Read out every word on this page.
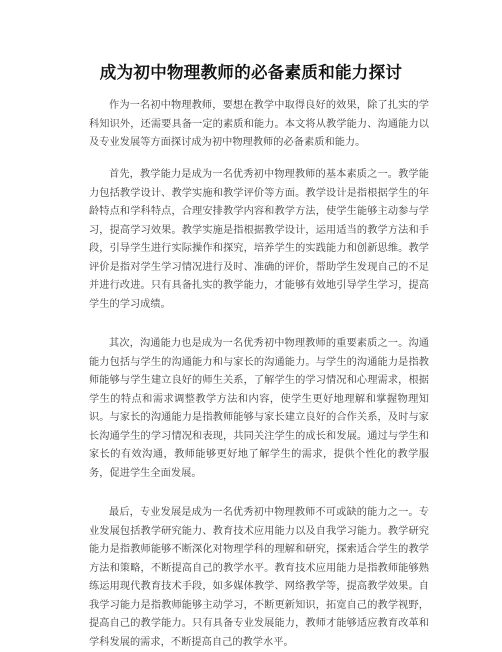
成为初中物理教师的必备素质和能力探讨

作为一名初中物理教师，要想在教学中取得良好的效果，除了扎实的学科知识外，还需要具备一定的素质和能力。本文将从教学能力、沟通能力以及专业发展等方面探讨成为初中物理教师的必备素质和能力。

首先，教学能力是成为一名优秀初中物理教师的基本素质之一。教学能力包括教学设计、教学实施和教学评价等方面。教学设计是指根据学生的年龄特点和学科特点，合理安排教学内容和教学方法，使学生能够主动参与学习，提高学习效果。教学实施是指根据教学设计，运用适当的教学方法和手段，引导学生进行实际操作和探究，培养学生的实践能力和创新思维。教学评价是指对学生学习情况进行及时、准确的评价，帮助学生发现自己的不足并进行改进。只有具备扎实的教学能力，才能够有效地引导学生学习，提高学生的学习成绩。

其次，沟通能力也是成为一名优秀初中物理教师的重要素质之一。沟通能力包括与学生的沟通能力和与家长的沟通能力。与学生的沟通能力是指教师能够与学生建立良好的师生关系，了解学生的学习情况和心理需求，根据学生的特点和需求调整教学方法和内容，使学生更好地理解和掌握物理知识。与家长的沟通能力是指教师能够与家长建立良好的合作关系，及时与家长沟通学生的学习情况和表现，共同关注学生的成长和发展。通过与学生和家长的有效沟通，教师能够更好地了解学生的需求，提供个性化的教学服务，促进学生全面发展。

最后，专业发展是成为一名优秀初中物理教师不可或缺的能力之一。专业发展包括教学研究能力、教育技术应用能力以及自我学习能力。教学研究能力是指教师能够不断深化对物理学科的理解和研究，探索适合学生的教学方法和策略，不断提高自己的教学水平。教育技术应用能力是指教师能够熟练运用现代教育技术手段，如多媒体教学、网络教学等，提高教学效果。自我学习能力是指教师能够主动学习，不断更新知识，拓宽自己的教学视野，提高自己的教学能力。只有具备专业发展能力，教师才能够适应教育改革和学科发展的需求，不断提高自己的教学水平。
